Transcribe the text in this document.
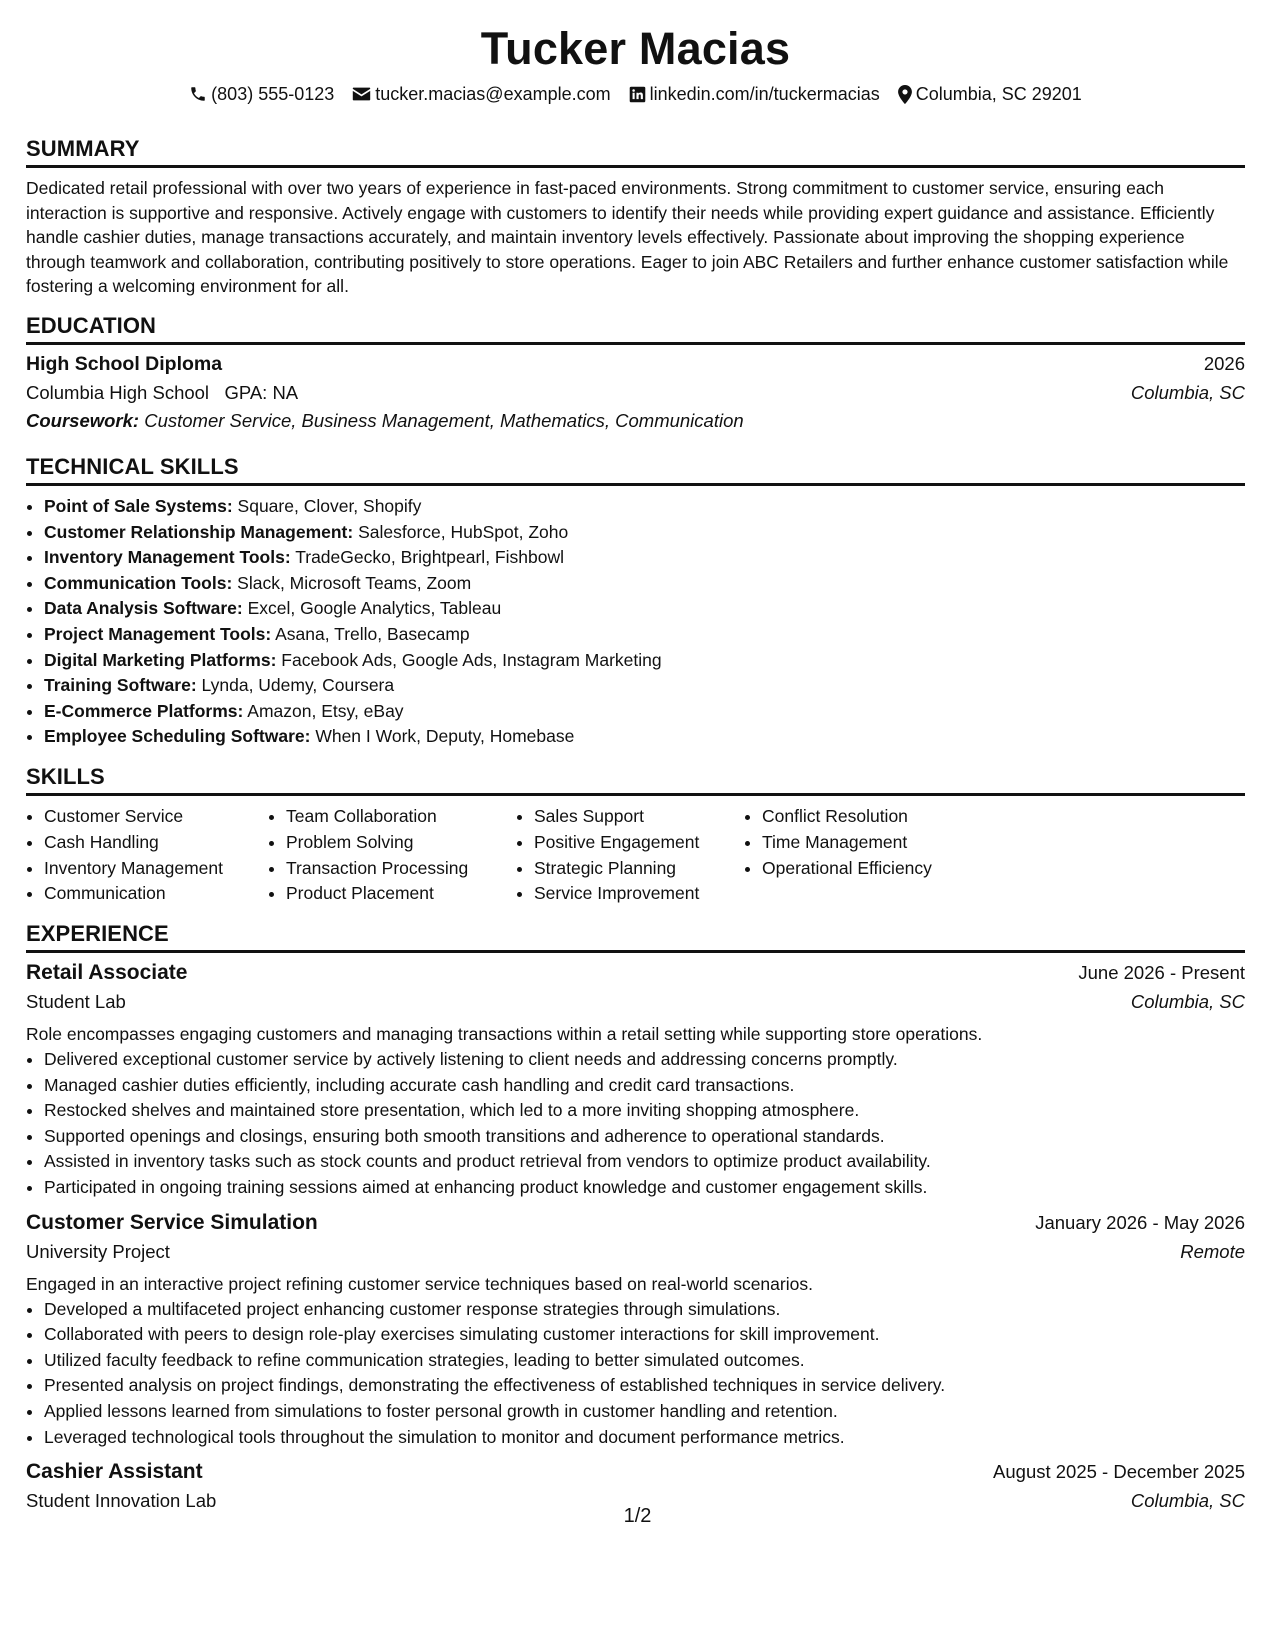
Tucker Macias
(803) 555-0123 tucker.macias@example.com linkedin.com/in/tuckermacias Columbia, SC 29201
SUMMARY

Dedicated retail professional with over two years of experience in fast-paced environments. Strong commitment to customer service, ensuring each interaction is supportive and responsive. Actively engage with customers to identify their needs while providing expert guidance and assistance. Efficiently handle cashier duties, manage transactions accurately, and maintain inventory levels effectively. Passionate about improving the shopping experience through teamwork and collaboration, contributing positively to store operations. Eager to join ABC Retailers and further enhance customer satisfaction while fostering a welcoming environment for all.

EDUCATION
High School Diploma	2026
Columbia High School GPA: NA	Columbia, SC
Coursework: Customer Service, Business Management, Mathematics, Communication
TECHNICAL SKILLS
• Point of Sale Systems: Square, Clover, Shopify
• Customer Relationship Management: Salesforce, HubSpot, Zoho
• Inventory Management Tools: TradeGecko, Brightpearl, Fishbowl
• Communication Tools: Slack, Microsoft Teams, Zoom
• Data Analysis Software: Excel, Google Analytics, Tableau
• Project Management Tools: Asana, Trello, Basecamp
• Digital Marketing Platforms: Facebook Ads, Google Ads, Instagram Marketing
• Training Software: Lynda, Udemy, Coursera
• E-Commerce Platforms: Amazon, Etsy, eBay
• Employee Scheduling Software: When I Work, Deputy, Homebase
SKILLS
• Customer Service
• Cash Handling
• Inventory Management
• Communication
• Team Collaboration
• Problem Solving
• Transaction Processing
• Product Placement
• Sales Support
• Positive Engagement
• Strategic Planning
• Service Improvement
• Conflict Resolution
• Time Management
• Operational Efficiency
EXPERIENCE
Retail Associate	June 2026 - Present
Student Lab	Columbia, SC
Role encompasses engaging customers and managing transactions within a retail setting while supporting store operations.
• Delivered exceptional customer service by actively listening to client needs and addressing concerns promptly.
• Managed cashier duties efficiently, including accurate cash handling and credit card transactions.
• Restocked shelves and maintained store presentation, which led to a more inviting shopping atmosphere.
• Supported openings and closings, ensuring both smooth transitions and adherence to operational standards.
• Assisted in inventory tasks such as stock counts and product retrieval from vendors to optimize product availability.
• Participated in ongoing training sessions aimed at enhancing product knowledge and customer engagement skills.
Customer Service Simulation	January 2026 - May 2026
University Project	Remote
Engaged in an interactive project refining customer service techniques based on real-world scenarios.
• Developed a multifaceted project enhancing customer response strategies through simulations.
• Collaborated with peers to design role-play exercises simulating customer interactions for skill improvement.
• Utilized faculty feedback to refine communication strategies, leading to better simulated outcomes.
• Presented analysis on project findings, demonstrating the effectiveness of established techniques in service delivery.
• Applied lessons learned from simulations to foster personal growth in customer handling and retention.
• Leveraged technological tools throughout the simulation to monitor and document performance metrics.
Cashier Assistant	August 2025 - December 2025
Student Innovation Lab	Columbia, SC
1/2
